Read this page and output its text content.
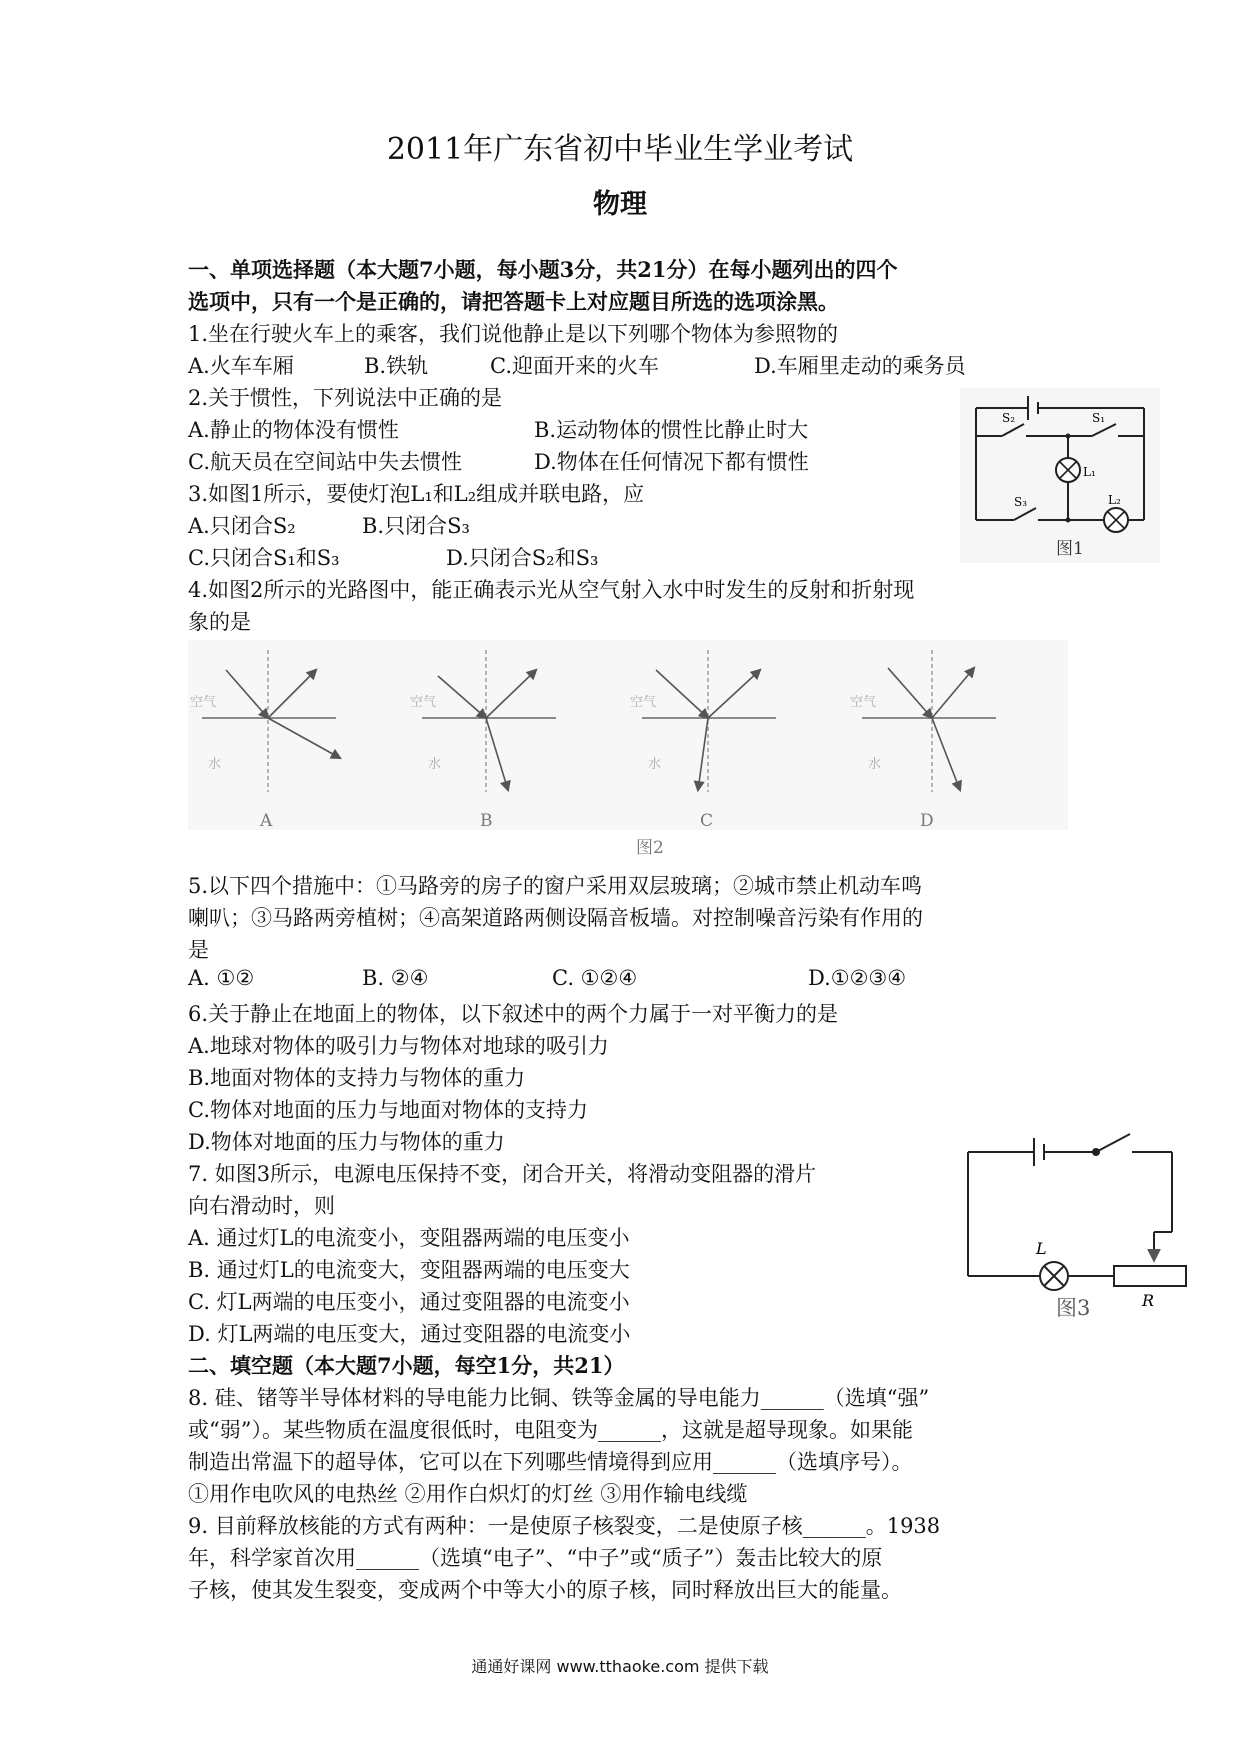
2011年广东省初中毕业生学业考试
物理
一、单项选择题（本大题7小题，每小题3分，共21分）在每小题列出的四个
选项中，只有一个是正确的，请把答题卡上对应题目所选的选项涂黑。
1.坐在行驶火车上的乘客，我们说他静止是以下列哪个物体为参照物的
A.火车车厢	B.铁轨	C.迎面开来的火车	D.车厢里走动的乘务员
2.关于惯性，下列说法中正确的是
A.静止的物体没有惯性	B.运动物体的惯性比静止时大
C.航天员在空间站中失去惯性	D.物体在任何情况下都有惯性
3.如图1所示，要使灯泡L₁和L₂组成并联电路，应
A.只闭合S₂	B.只闭合S₃
C.只闭合S₁和S₃	D.只闭合S₂和S₃
S₂	S₁
S₃
L₁
L₂
图1
4.如图2所示的光路图中，能正确表示光从空气射入水中时发生的反射和折射现
象的是
空气
水
A
空气
水
B
空气
水
C
空气
水
D
图2
5.以下四个措施中：①马路旁的房子的窗户采用双层玻璃；②城市禁止机动车鸣
喇叭；③马路两旁植树；④高架道路两侧设隔音板墙。对控制噪音污染有作用的
是
A. ①②	B. ②④	C. ①②④	D.①②③④
6.关于静止在地面上的物体，以下叙述中的两个力属于一对平衡力的是
A.地球对物体的吸引力与物体对地球的吸引力
B.地面对物体的支持力与物体的重力
C.物体对地面的压力与地面对物体的支持力
D.物体对地面的压力与物体的重力
7. 如图3所示，电源电压保持不变，闭合开关，将滑动变阻器的滑片
向右滑动时，则
A. 通过灯L的电流变小，变阻器两端的电压变小
B. 通过灯L的电流变大，变阻器两端的电压变大
C. 灯L两端的电压变小，通过变阻器的电流变小
D. 灯L两端的电压变大，通过变阻器的电流变小
L
R
图3
二、填空题（本大题7小题，每空1分，共21）
8. 硅、锗等半导体材料的导电能力比铜、铁等金属的导电能力______（选填“强”
或“弱”）。某些物质在温度很低时，电阻变为______，这就是超导现象。如果能
制造出常温下的超导体，它可以在下列哪些情境得到应用______（选填序号）。
①用作电吹风的电热丝 ②用作白炽灯的灯丝 ③用作输电线缆
9. 目前释放核能的方式有两种：一是使原子核裂变，二是使原子核______。1938
年，科学家首次用______（选填“电子”、“中子”或“质子”）轰击比较大的原
子核，使其发生裂变，变成两个中等大小的原子核，同时释放出巨大的能量。
通通好课网 www.tthaoke.com 提供下载
